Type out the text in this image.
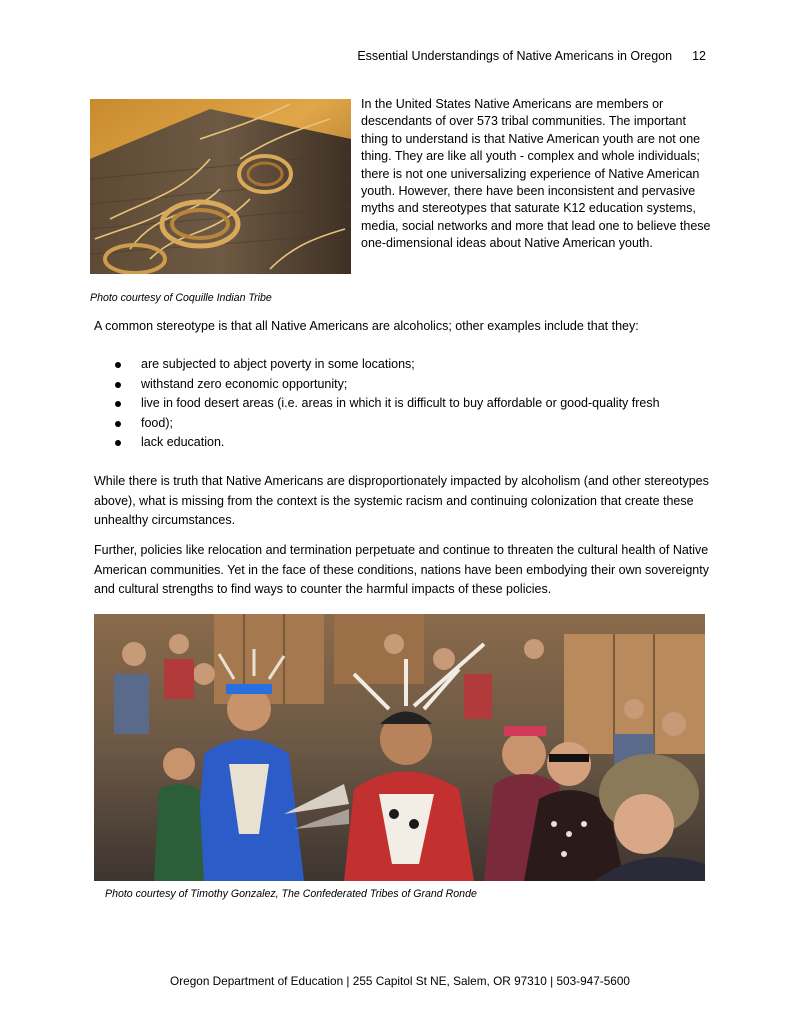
Essential Understandings of Native Americans in Oregon 12

In the United States Native Americans are members or descendants of over 573 tribal communities. The important thing to understand is that Native American youth are not one thing. They are like all youth - complex and whole individuals; there is not one universalizing experience of Native American youth. However, there have been inconsistent and pervasive myths and stereotypes that saturate K12 education systems, media, social networks and more that lead one to believe these one-dimensional ideas about Native American youth.

Photo courtesy of Coquille Indian Tribe

A common stereotype is that all Native Americans are alcoholics; other examples include that they:

are subjected to abject poverty in some locations;
withstand zero economic opportunity;
live in food desert areas (i.e. areas in which it is difficult to buy affordable or good-quality fresh
food);
lack education.

While there is truth that Native Americans are disproportionately impacted by alcoholism (and other stereotypes above), what is missing from the context is the systemic racism and continuing colonization that create these unhealthy circumstances.

Further, policies like relocation and termination perpetuate and continue to threaten the cultural health of Native American communities. Yet in the face of these conditions, nations have been embodying their own sovereignty and cultural strengths to find ways to counter the harmful impacts of these policies.

Photo courtesy of Timothy Gonzalez, The Confederated Tribes of Grand Ronde
Oregon Department of Education | 255 Capitol St NE, Salem, OR 97310 | 503-947-5600
